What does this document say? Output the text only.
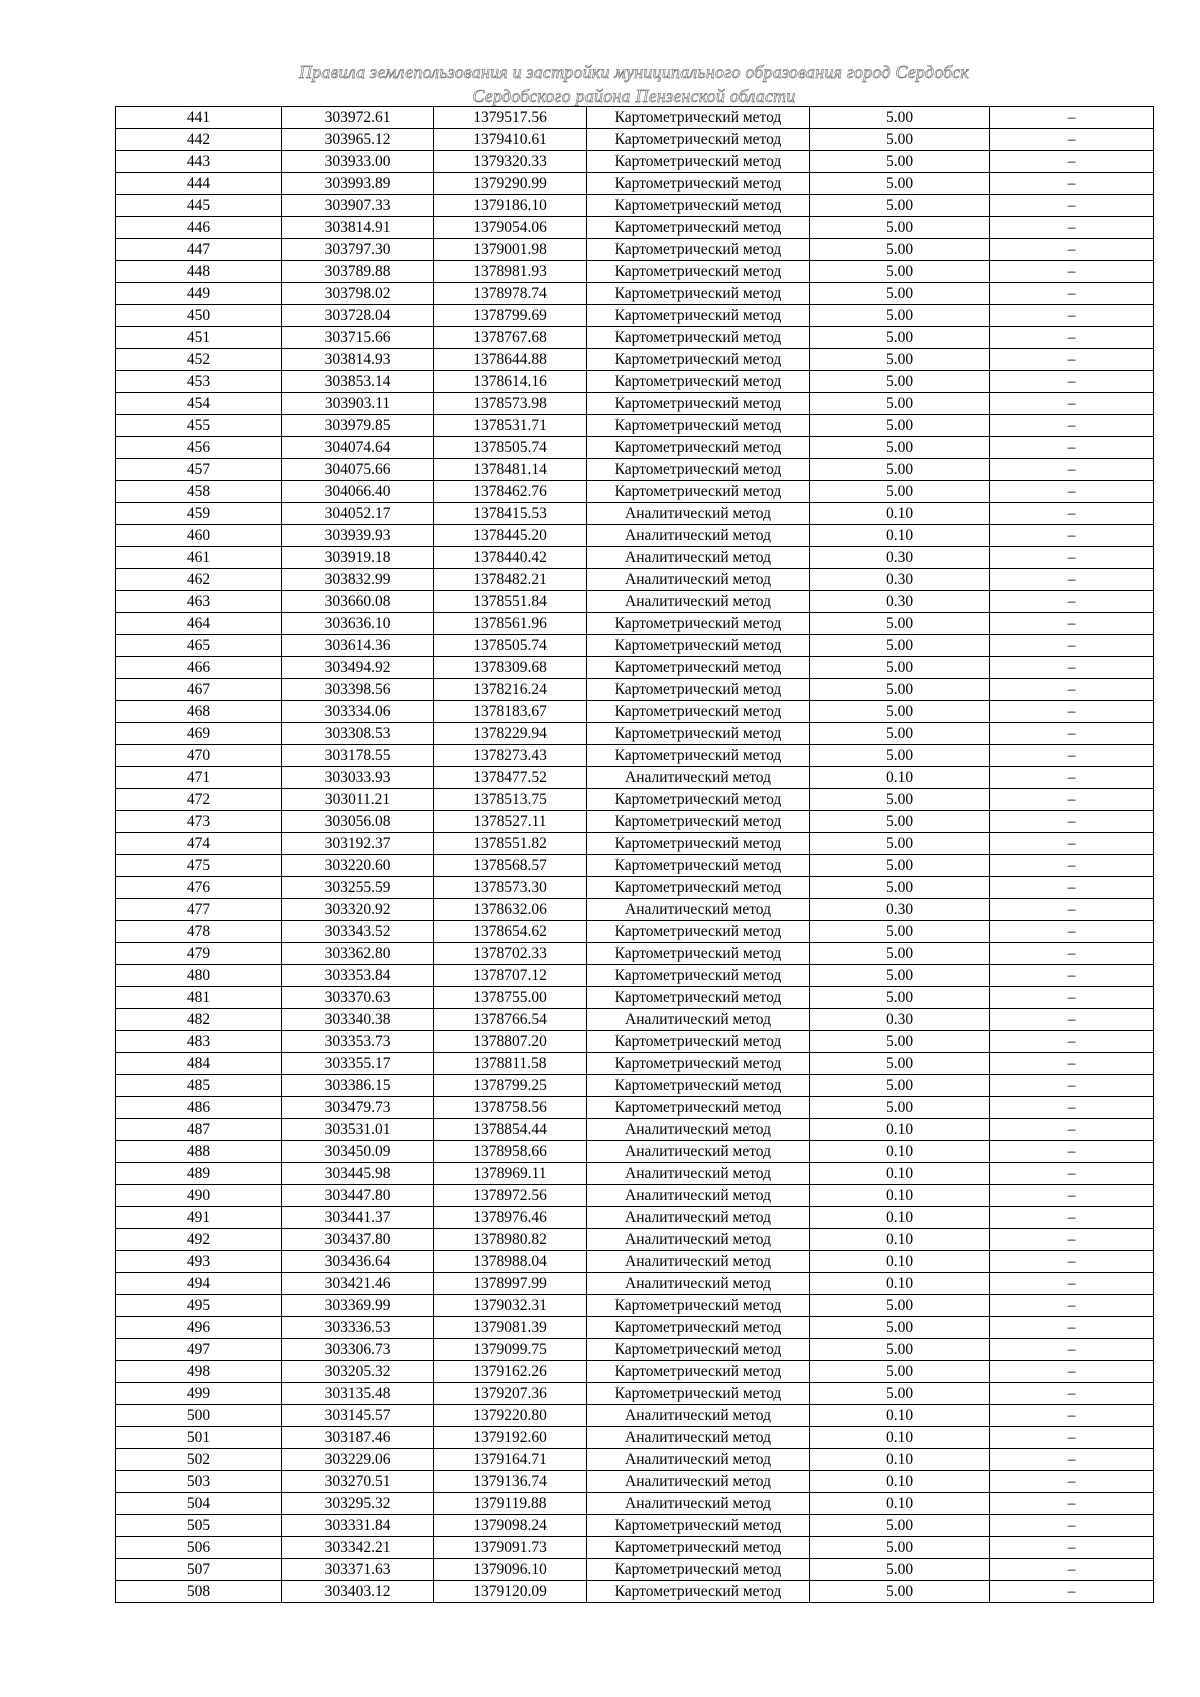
Правила землепользования и застройки муниципального образования город Сердобск
Сердобского района Пензенской области
441	303972.61	1379517.56	Картометрический метод	5.00	–
442	303965.12	1379410.61	Картометрический метод	5.00	–
443	303933.00	1379320.33	Картометрический метод	5.00	–
444	303993.89	1379290.99	Картометрический метод	5.00	–
445	303907.33	1379186.10	Картометрический метод	5.00	–
446	303814.91	1379054.06	Картометрический метод	5.00	–
447	303797.30	1379001.98	Картометрический метод	5.00	–
448	303789.88	1378981.93	Картометрический метод	5.00	–
449	303798.02	1378978.74	Картометрический метод	5.00	–
450	303728.04	1378799.69	Картометрический метод	5.00	–
451	303715.66	1378767.68	Картометрический метод	5.00	–
452	303814.93	1378644.88	Картометрический метод	5.00	–
453	303853.14	1378614.16	Картометрический метод	5.00	–
454	303903.11	1378573.98	Картометрический метод	5.00	–
455	303979.85	1378531.71	Картометрический метод	5.00	–
456	304074.64	1378505.74	Картометрический метод	5.00	–
457	304075.66	1378481.14	Картометрический метод	5.00	–
458	304066.40	1378462.76	Картометрический метод	5.00	–
459	304052.17	1378415.53	Аналитический метод	0.10	–
460	303939.93	1378445.20	Аналитический метод	0.10	–
461	303919.18	1378440.42	Аналитический метод	0.30	–
462	303832.99	1378482.21	Аналитический метод	0.30	–
463	303660.08	1378551.84	Аналитический метод	0.30	–
464	303636.10	1378561.96	Картометрический метод	5.00	–
465	303614.36	1378505.74	Картометрический метод	5.00	–
466	303494.92	1378309.68	Картометрический метод	5.00	–
467	303398.56	1378216.24	Картометрический метод	5.00	–
468	303334.06	1378183.67	Картометрический метод	5.00	–
469	303308.53	1378229.94	Картометрический метод	5.00	–
470	303178.55	1378273.43	Картометрический метод	5.00	–
471	303033.93	1378477.52	Аналитический метод	0.10	–
472	303011.21	1378513.75	Картометрический метод	5.00	–
473	303056.08	1378527.11	Картометрический метод	5.00	–
474	303192.37	1378551.82	Картометрический метод	5.00	–
475	303220.60	1378568.57	Картометрический метод	5.00	–
476	303255.59	1378573.30	Картометрический метод	5.00	–
477	303320.92	1378632.06	Аналитический метод	0.30	–
478	303343.52	1378654.62	Картометрический метод	5.00	–
479	303362.80	1378702.33	Картометрический метод	5.00	–
480	303353.84	1378707.12	Картометрический метод	5.00	–
481	303370.63	1378755.00	Картометрический метод	5.00	–
482	303340.38	1378766.54	Аналитический метод	0.30	–
483	303353.73	1378807.20	Картометрический метод	5.00	–
484	303355.17	1378811.58	Картометрический метод	5.00	–
485	303386.15	1378799.25	Картометрический метод	5.00	–
486	303479.73	1378758.56	Картометрический метод	5.00	–
487	303531.01	1378854.44	Аналитический метод	0.10	–
488	303450.09	1378958.66	Аналитический метод	0.10	–
489	303445.98	1378969.11	Аналитический метод	0.10	–
490	303447.80	1378972.56	Аналитический метод	0.10	–
491	303441.37	1378976.46	Аналитический метод	0.10	–
492	303437.80	1378980.82	Аналитический метод	0.10	–
493	303436.64	1378988.04	Аналитический метод	0.10	–
494	303421.46	1378997.99	Аналитический метод	0.10	–
495	303369.99	1379032.31	Картометрический метод	5.00	–
496	303336.53	1379081.39	Картометрический метод	5.00	–
497	303306.73	1379099.75	Картометрический метод	5.00	–
498	303205.32	1379162.26	Картометрический метод	5.00	–
499	303135.48	1379207.36	Картометрический метод	5.00	–
500	303145.57	1379220.80	Аналитический метод	0.10	–
501	303187.46	1379192.60	Аналитический метод	0.10	–
502	303229.06	1379164.71	Аналитический метод	0.10	–
503	303270.51	1379136.74	Аналитический метод	0.10	–
504	303295.32	1379119.88	Аналитический метод	0.10	–
505	303331.84	1379098.24	Картометрический метод	5.00	–
506	303342.21	1379091.73	Картометрический метод	5.00	–
507	303371.63	1379096.10	Картометрический метод	5.00	–
508	303403.12	1379120.09	Картометрический метод	5.00	–
